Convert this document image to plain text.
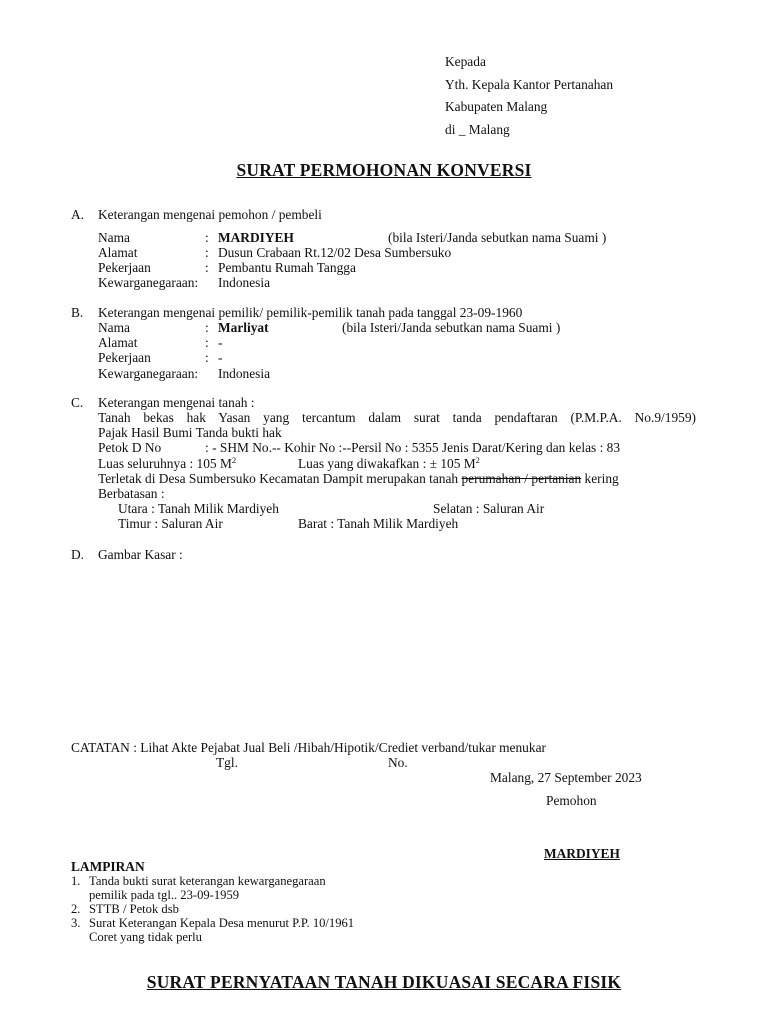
Kepada
Yth. Kepala Kantor Pertanahan
Kabupaten Malang
di _ Malang
SURAT PERMOHONAN KONVERSI
A. Keterangan mengenai pemohon / pembeli
Nama	: MARDIYEH	(bila Isteri/Janda sebutkan nama Suami )
Alamat	: Dusun Crabaan Rt.12/02 Desa Sumbersuko
Pekerjaan	: Pembantu Rumah Tangga
Kewarganegaraan: Indonesia
B. Keterangan mengenai pemilik/ pemilik-pemilik tanah pada tanggal 23-09-1960
Nama	: Marliyat	(bila Isteri/Janda sebutkan nama Suami )
Alamat	: -
Pekerjaan	: -
Kewarganegaraan: Indonesia
C. Keterangan mengenai tanah :
Tanah bekas hak Yasan yang tercantum dalam surat tanda pendaftaran (P.M.P.A. No.9/1959)
Pajak Hasil Bumi Tanda bukti hak
Petok D No	: - SHM No.-- Kohir No :--Persil No : 5355 Jenis Darat/Kering dan kelas : 83
Luas seluruhnya : 105 $M^2$	Luas yang diwakafkan : ± 105 $M^2$
Terletak di Desa Sumbersuko Kecamatan Dampit merupakan tanah perumahan / pertanian kering
Berbatasan :
Utara : Tanah Milik Mardiyeh	Selatan : Saluran Air
Timur : Saluran Air	Barat : Tanah Milik Mardiyeh
D. Gambar Kasar :
CATATAN : Lihat Akte Pejabat Jual Beli /Hibah/Hipotik/Crediet verband/tukar menukar
Tgl.	No.
Malang, 27 September 2023
Pemohon
MARDIYEH
LAMPIRAN
1. Tanda bukti surat keterangan kewarganegaraan
pemilik pada tgl.. 23-09-1959
2. STTB / Petok dsb
3. Surat Keterangan Kepala Desa menurut P.P. 10/1961
Coret yang tidak perlu
SURAT PERNYATAAN TANAH DIKUASAI SECARA FISIK
